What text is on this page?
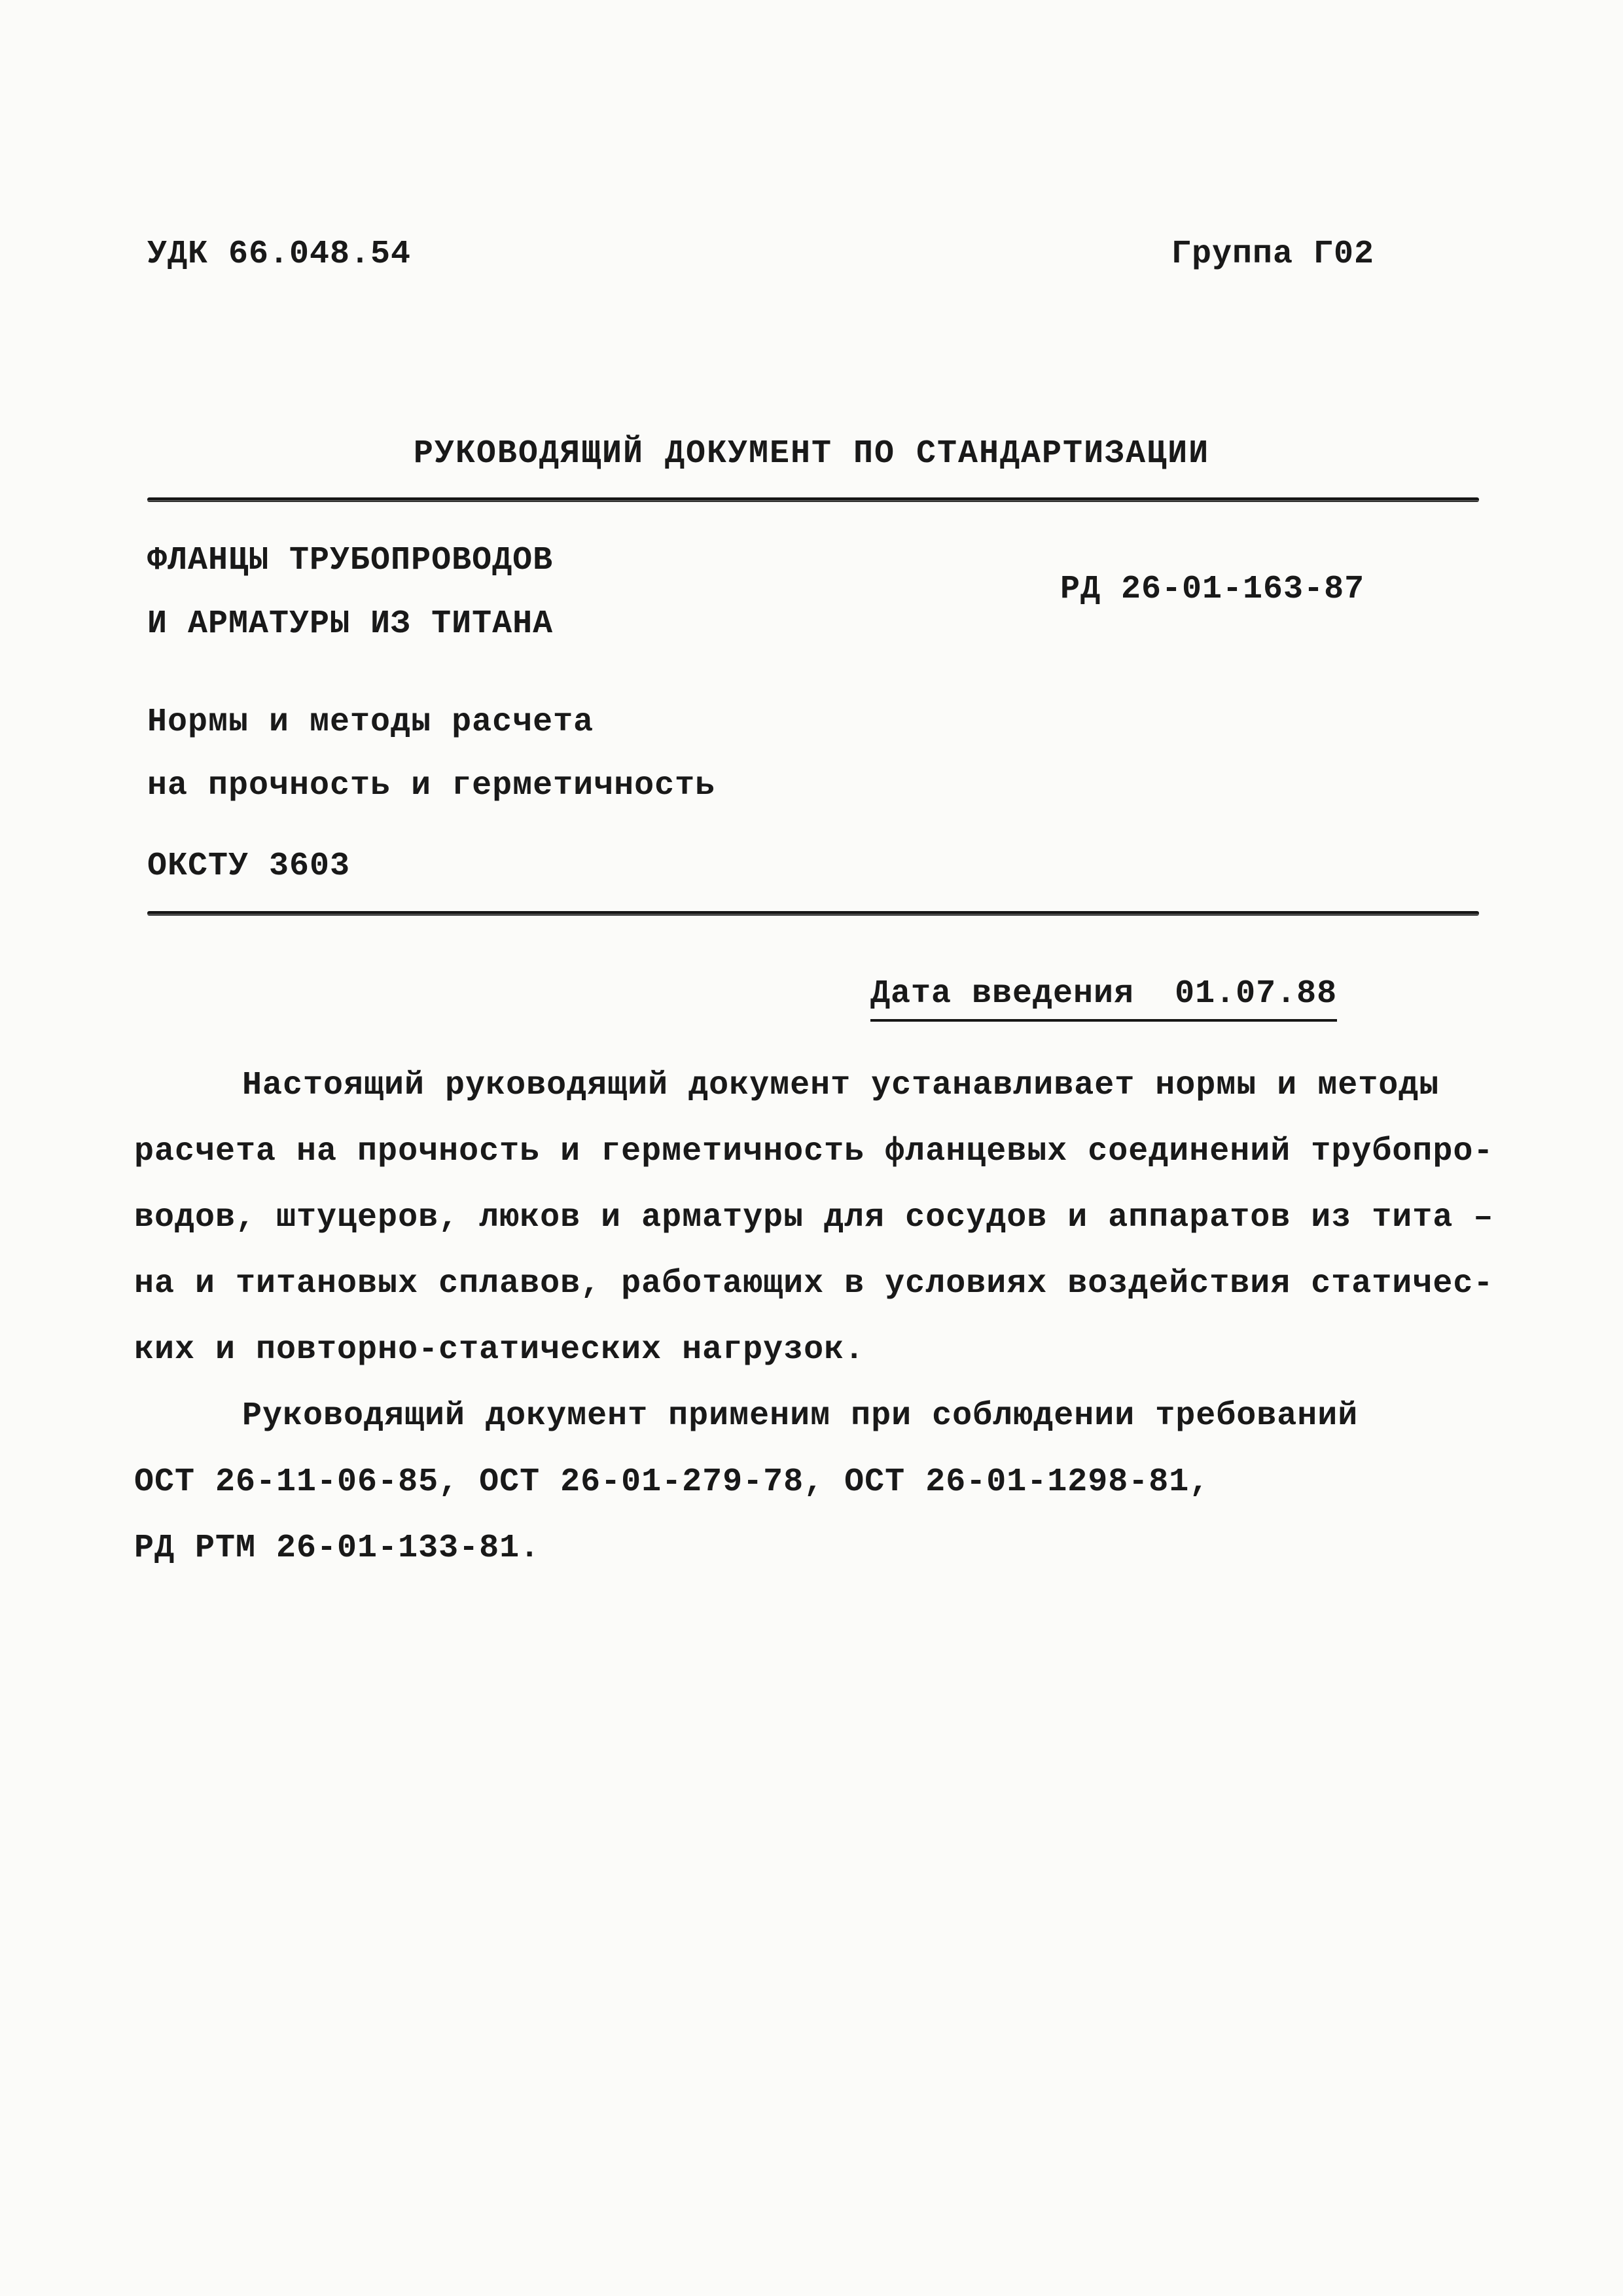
УДК 66.048.54	Группа Г02
РУКОВОДЯЩИЙ ДОКУМЕНТ ПО СТАНДАРТИЗАЦИИ
ФЛАНЦЫ ТРУБОПРОВОДОВ
И АРМАТУРЫ ИЗ ТИТАНА
РД 26-01-163-87
Нормы и методы расчета
на прочность и герметичность
ОКСТУ 3603
Дата введения  01.07.88
Настоящий руководящий документ устанавливает нормы и методы
расчета на прочность и герметичность фланцевых соединений трубопро-
водов, штуцеров, люков и арматуры для сосудов и аппаратов из тита –
на и титановых сплавов, работающих в условиях воздействия статичес-
ких и повторно-статических нагрузок.
Руководящий документ применим при соблюдении требований
ОСТ 26-11-06-85, ОСТ 26-01-279-78, ОСТ 26-01-1298-81,
РД РТМ 26-01-133-81.
